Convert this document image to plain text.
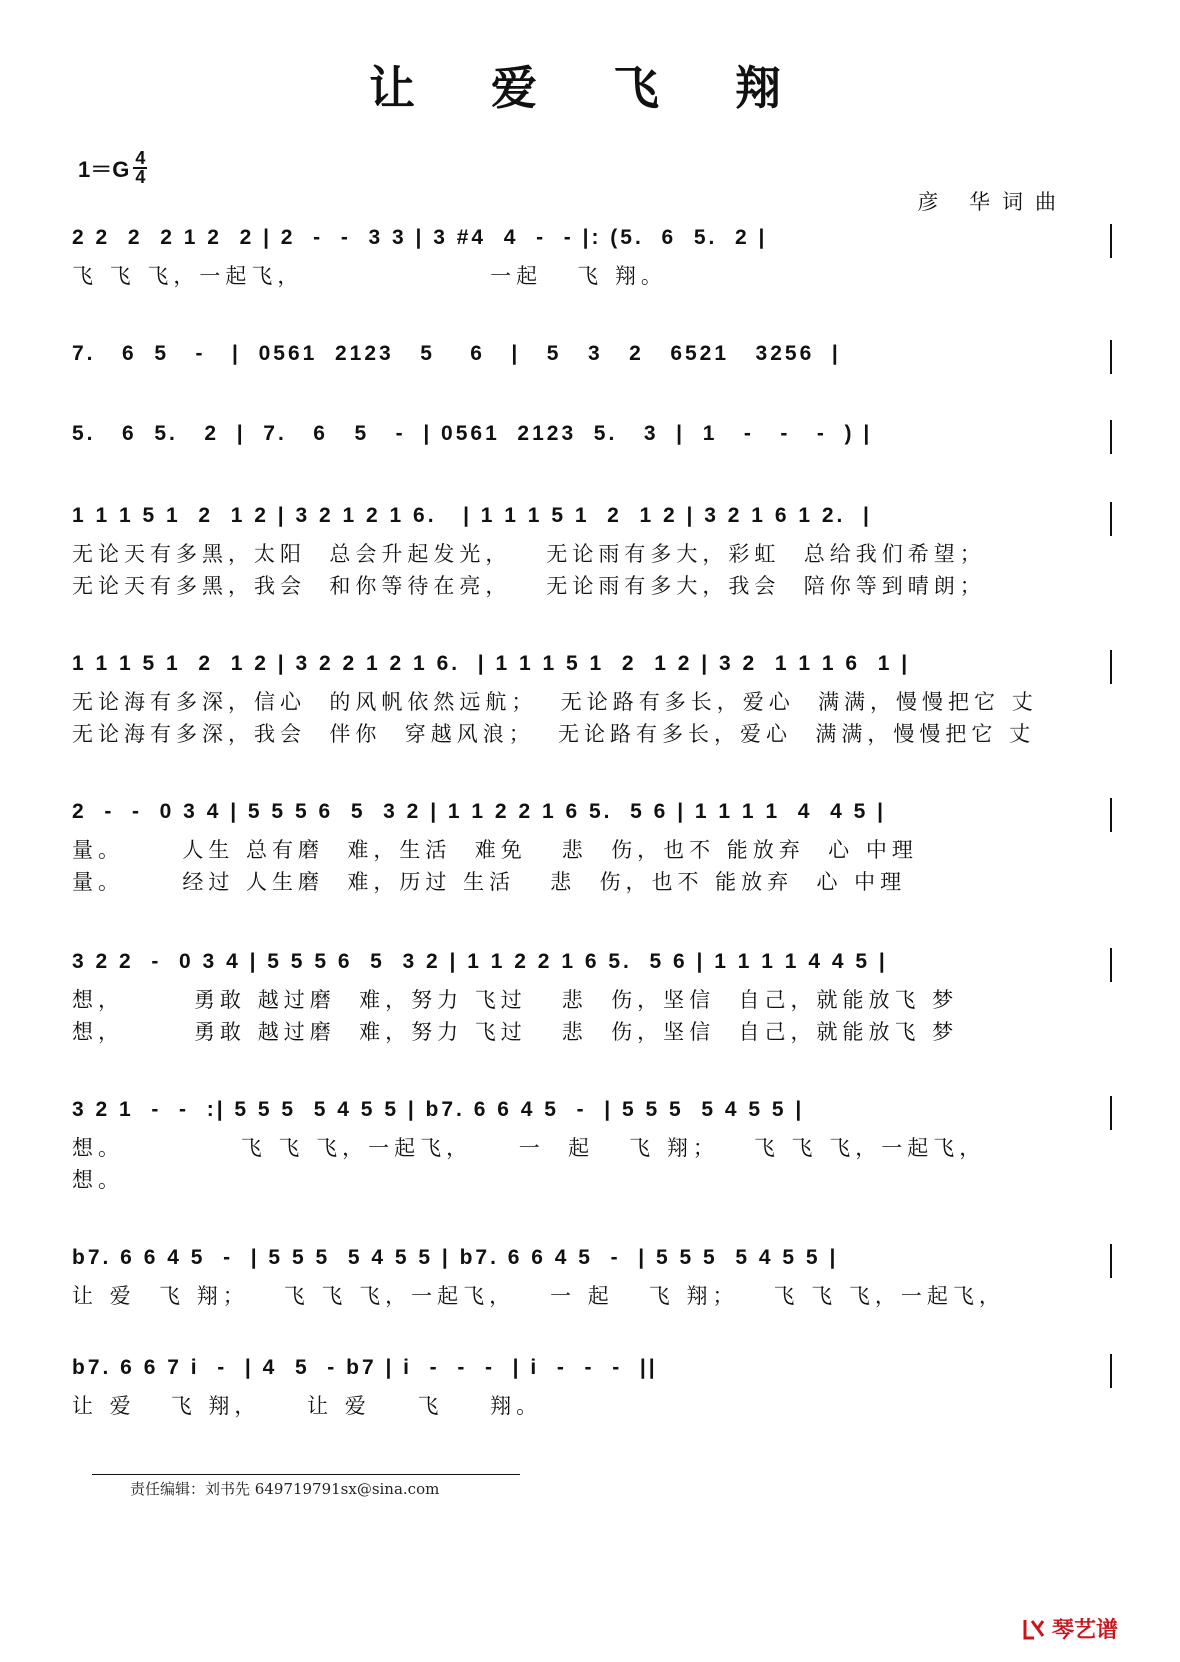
让 爱 飞 翔
$1=G \frac{4}{4}$
彦 华词曲
2 2  2  2 1 2  2 | 2  -  -  3 3 | 3 #4  4  -  - |: (5.  6  5.  2 |
飞 飞 飞，一起飞，                一起   飞 翔。
7.   6  5   -   |  0561  2123   5    6   |   5   3   2   6521   3256  |
5.   6  5.   2  |  7.   6   5   -  | 0561  2123  5.   3  |  1   -   -   -  ) |
1 1 1 5 1  2  1 2 | 3 2 1 2 1 6.   | 1 1 1 5 1  2  1 2 | 3 2 1 6 1 2.  |
无论天有多黑，太阳  总会升起发光，   无论雨有多大，彩虹  总给我们希望；
无论天有多黑，我会  和你等待在亮，   无论雨有多大，我会  陪你等到晴朗；
1 1 1 5 1  2  1 2 | 3 2 2 1 2 1 6.  | 1 1 1 5 1  2  1 2 | 3 2  1 1 1 6  1 |
无论海有多深，信心  的风帆依然远航；  无论路有多长，爱心  满满，慢慢把它 丈
无论海有多深，我会  伴你  穿越风浪；  无论路有多长，爱心  满满，慢慢把它 丈
2  -  -  0 3 4 | 5 5 5 6  5  3 2 | 1 1 2 2 1 6 5.  5 6 | 1 1 1 1  4  4 5 |
量。     人生 总有磨  难，生活  难免   悲  伤，也不 能放弃  心 中理
量。     经过 人生磨  难，历过 生活   悲  伤，也不 能放弃  心 中理
3 2 2  -  0 3 4 | 5 5 5 6  5  3 2 | 1 1 2 2 1 6 5.  5 6 | 1 1 1 1 4 4 5 |
想，      勇敢 越过磨  难，努力 飞过   悲  伤，坚信  自己，就能放飞 梦
想，      勇敢 越过磨  难，努力 飞过   悲  伤，坚信  自己，就能放飞 梦
3 2 1  -  -  :| 5 5 5  5 4 5 5 | b7. 6 6 4 5  -  | 5 5 5  5 4 5 5 |
想。          飞 飞 飞，一起飞，    一  起   飞 翔；   飞 飞 飞，一起飞，
想。
b7. 6 6 4 5  -  | 5 5 5  5 4 5 5 | b7. 6 6 4 5  -  | 5 5 5  5 4 5 5 |
让 爱  飞 翔；   飞 飞 飞，一起飞，   一 起   飞 翔；   飞 飞 飞，一起飞，
b7. 6 6 7 i  -  | 4  5  - b7 | i  -  -  -  | i  -  -  -  ||
让 爱   飞 翔，    让 爱    飞    翔。
责任编辑：刘书先 649719791sx@sina.com
琴艺谱
